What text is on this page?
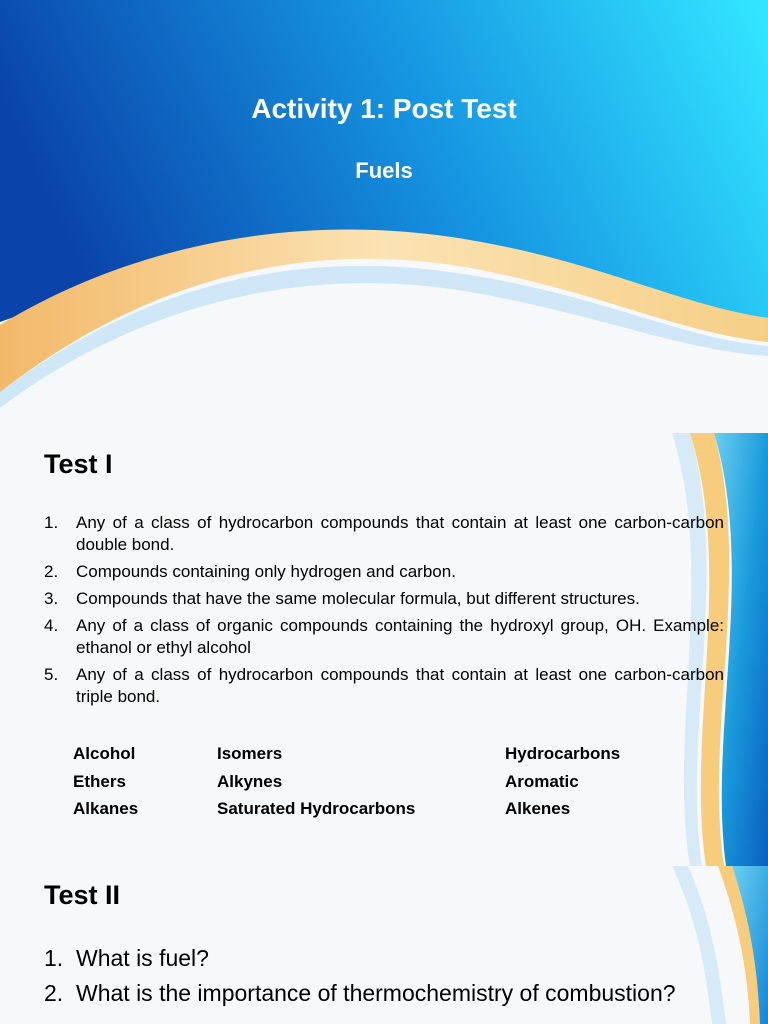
Activity 1: Post Test
Fuels
Test I
1. Any of a class of hydrocarbon compounds that contain at least one carbon-carbon double bond.
2. Compounds containing only hydrogen and carbon.
3. Compounds that have the same molecular formula, but different structures.
4. Any of a class of organic compounds containing the hydroxyl group, OH. Example: ethanol or ethyl alcohol
5. Any of a class of hydrocarbon compounds that contain at least one carbon-carbon triple bond.
Alcohol	Isomers	Hydrocarbons
Ethers	Alkynes	Aromatic
Alkanes	Saturated Hydrocarbons	Alkenes
Test II
1. What is fuel?
2. What is the importance of thermochemistry of combustion?
